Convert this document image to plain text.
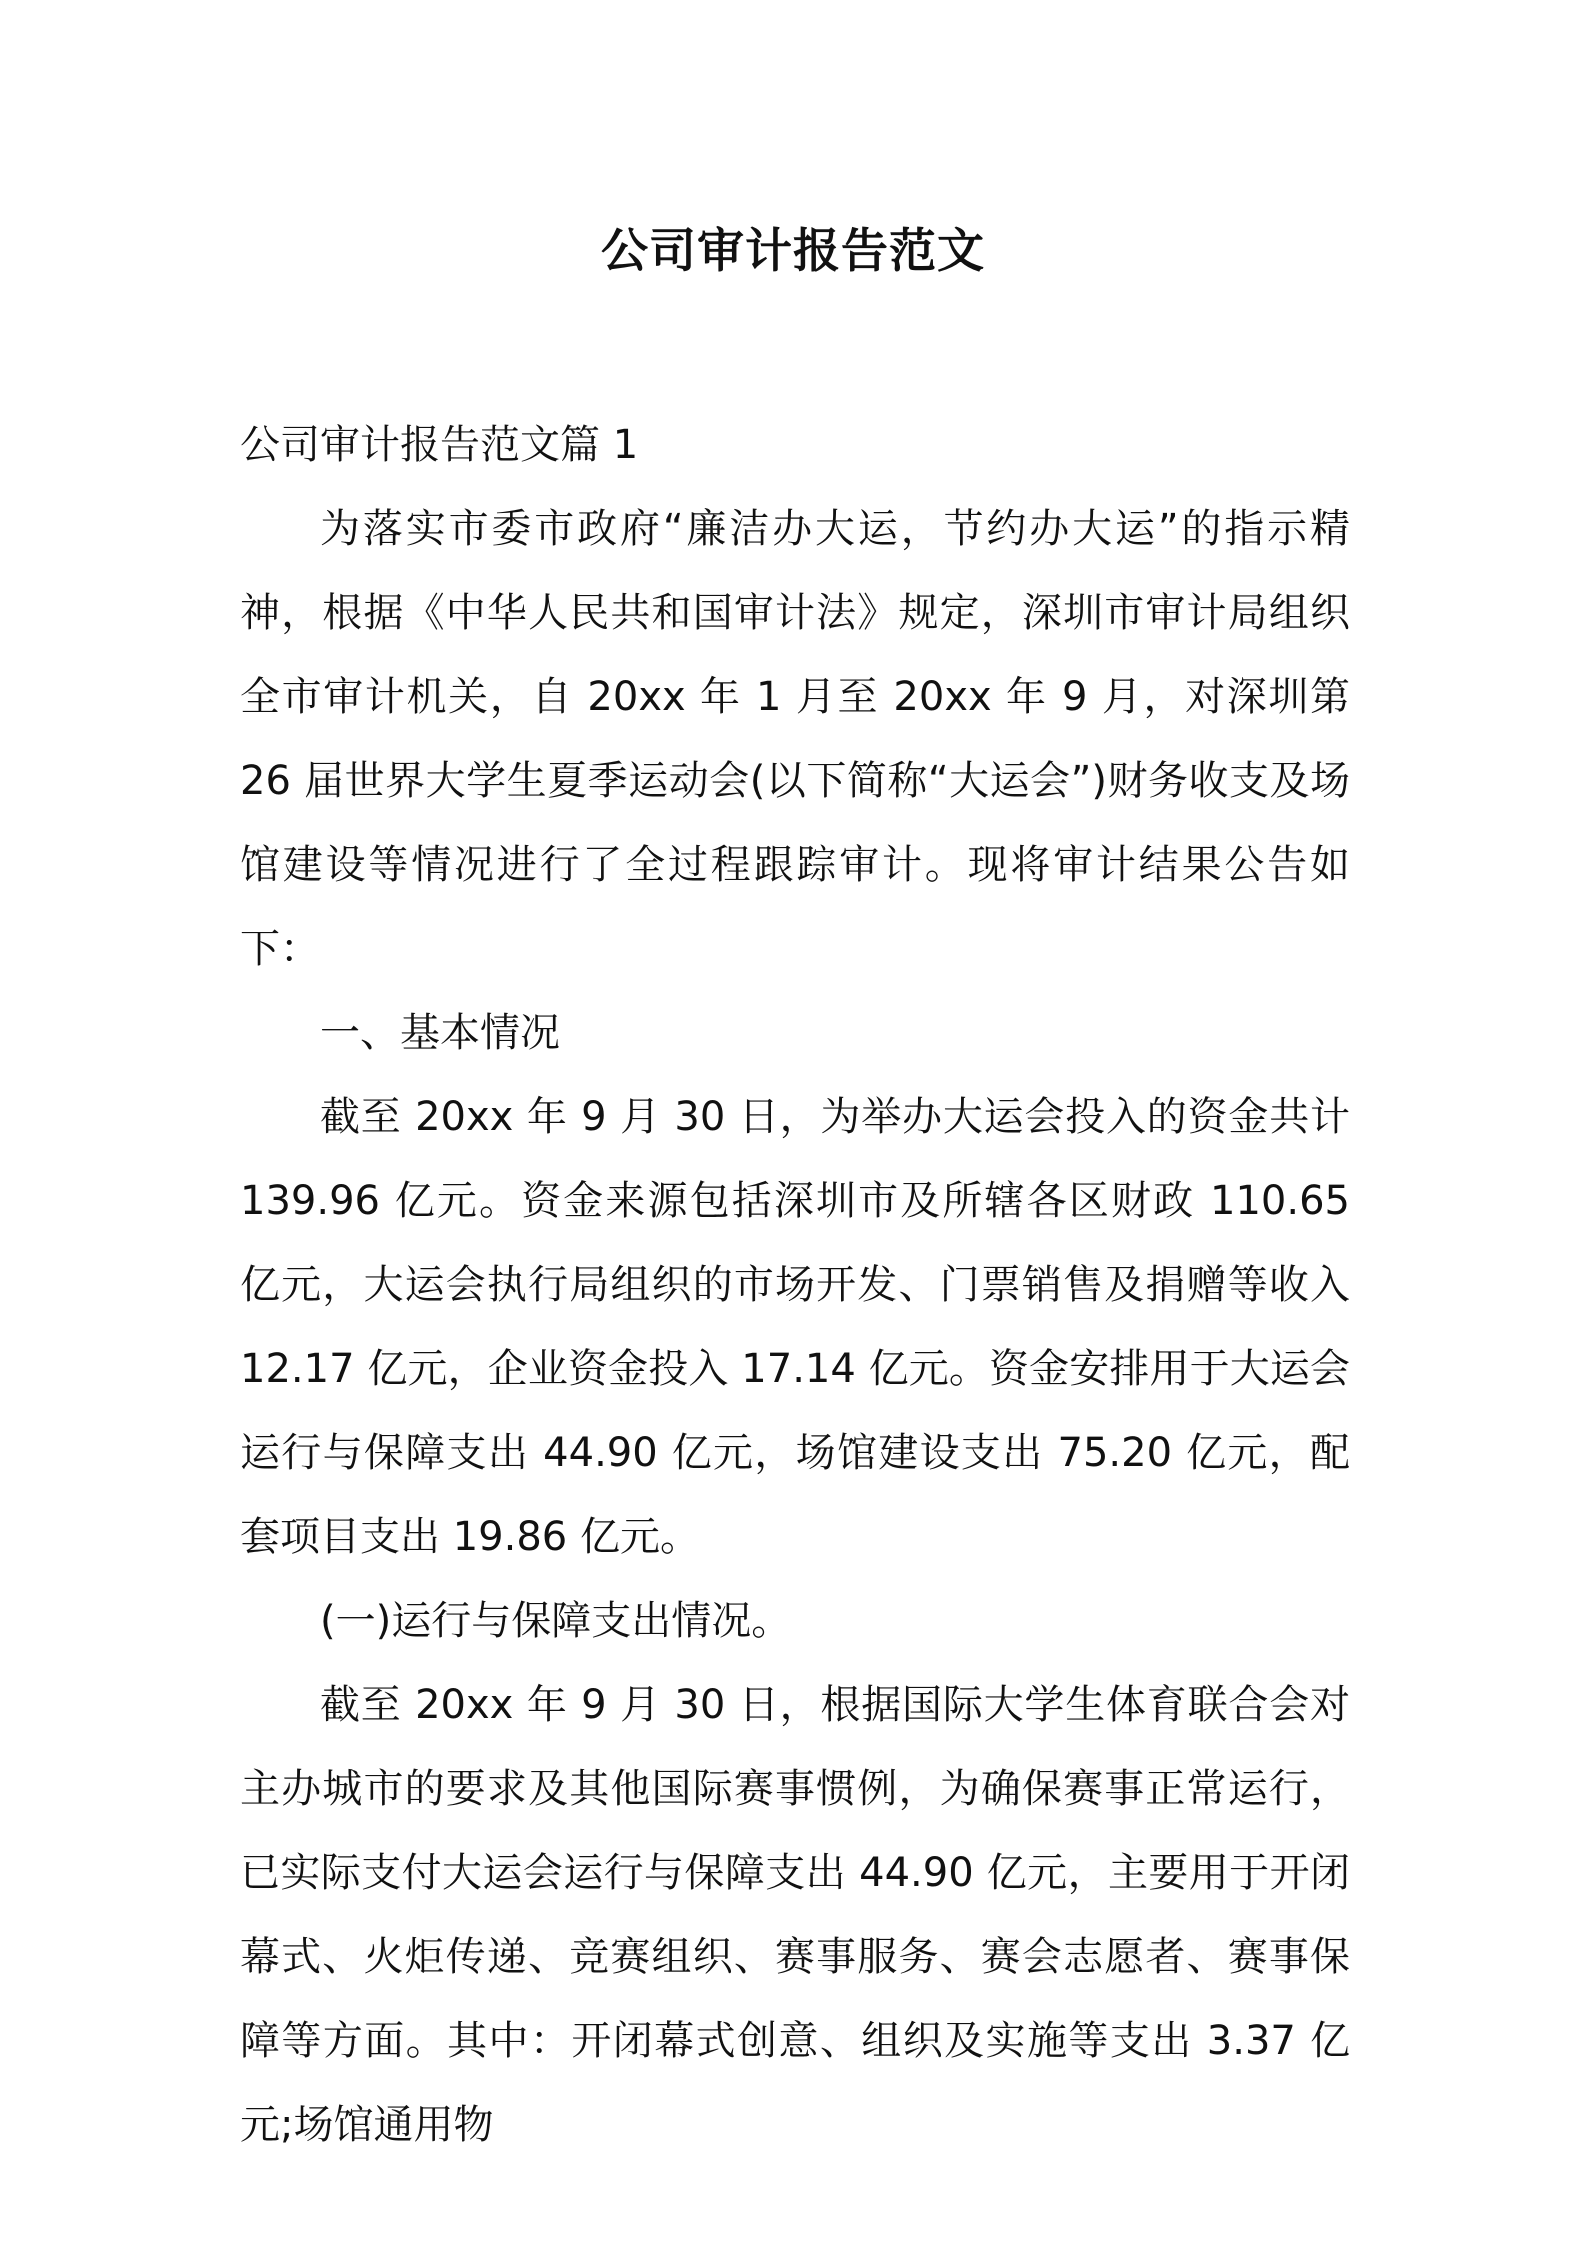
公司审计报告范文
公司审计报告范文篇 1

为落实市委市政府“廉洁办大运，节约办大运”的指示精神，根据《中华人民共和国审计法》规定，深圳市审计局组织全市审计机关，自 20xx 年 1 月至 20xx 年 9 月，对深圳第 26 届世界大学生夏季运动会(以下简称“大运会”)财务收支及场馆建设等情况进行了全过程跟踪审计。现将审计结果公告如下：

一、基本情况

截至 20xx 年 9 月 30 日，为举办大运会投入的资金共计 139.96 亿元。资金来源包括深圳市及所辖各区财政 110.65 亿元，大运会执行局组织的市场开发、门票销售及捐赠等收入 12.17 亿元，企业资金投入 17.14 亿元。资金安排用于大运会运行与保障支出 44.90 亿元，场馆建设支出 75.20 亿元，配套项目支出 19.86 亿元。

(一)运行与保障支出情况。

截至 20xx 年 9 月 30 日，根据国际大学生体育联合会对主办城市的要求及其他国际赛事惯例，为确保赛事正常运行，已实际支付大运会运行与保障支出 44.90 亿元，主要用于开闭幕式、火炬传递、竞赛组织、赛事服务、赛会志愿者、赛事保障等方面。其中：开闭幕式创意、组织及实施等支出 3.37 亿元;场馆通用物
